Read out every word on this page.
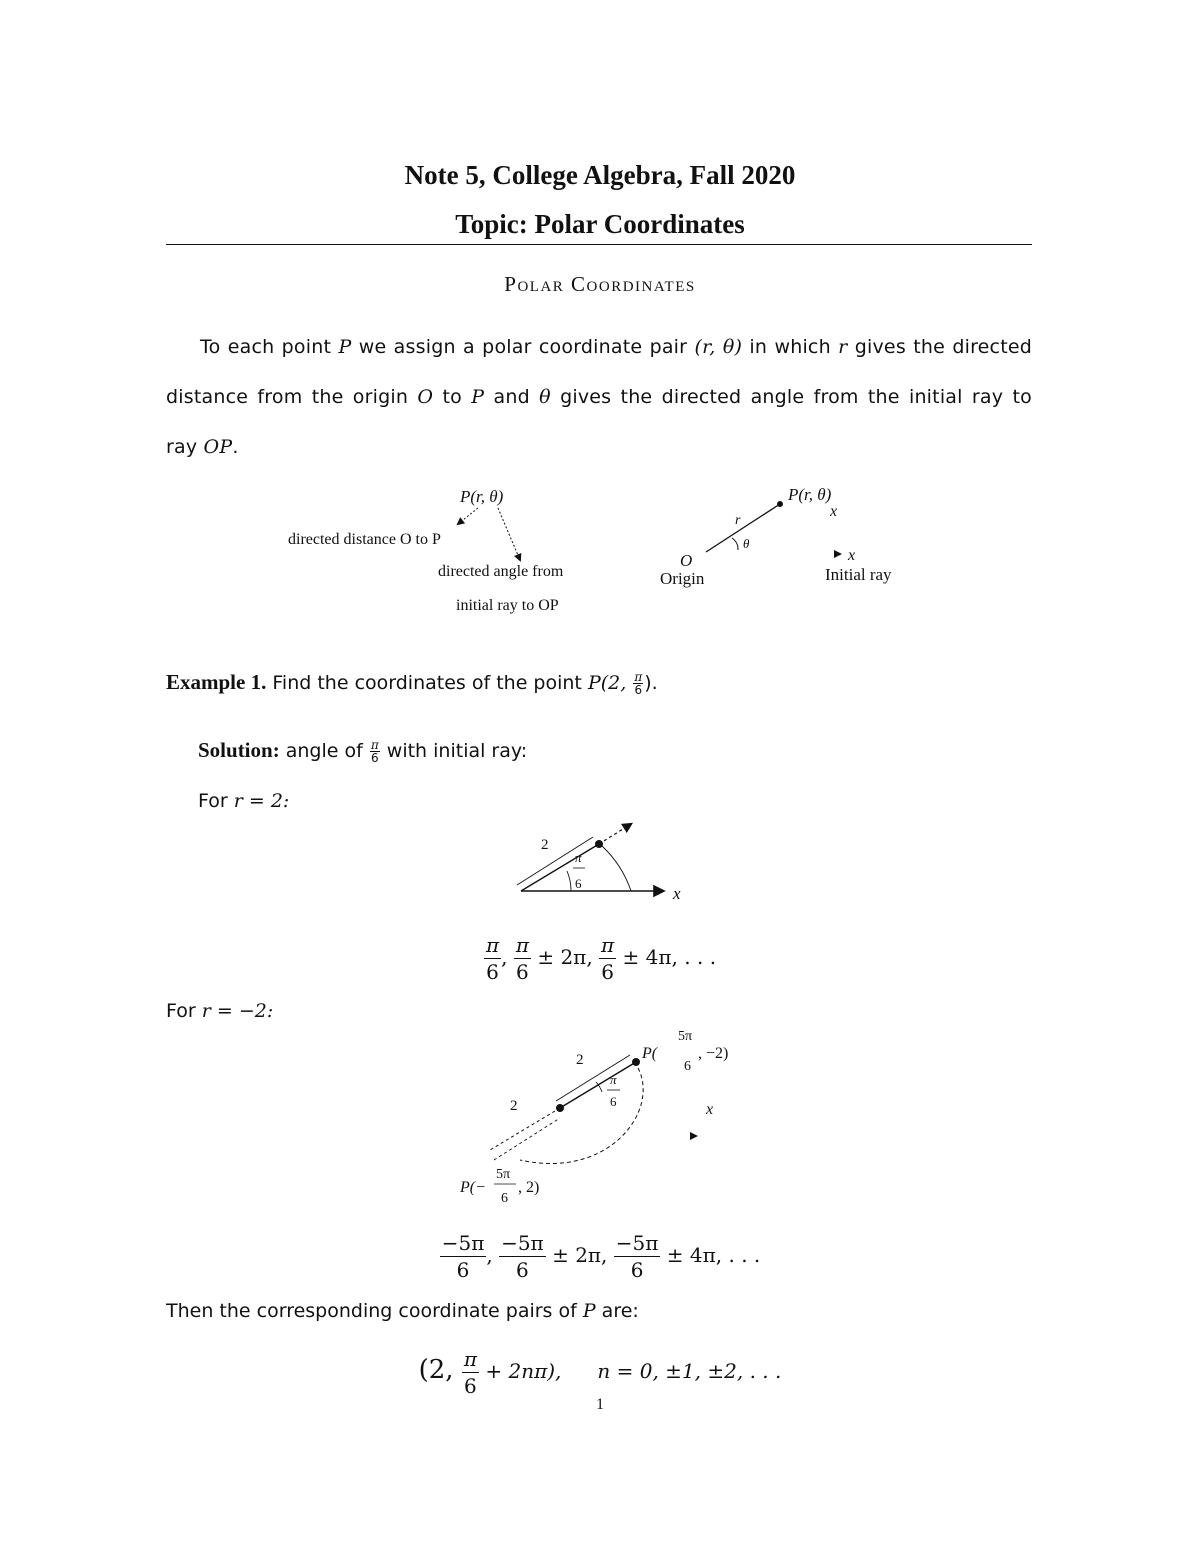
Note 5, College Algebra, Fall 2020
Topic: Polar Coordinates
Polar Coordinates
To each point P we assign a polar coordinate pair (r, θ) in which r gives the directed
distance from the origin O to P and θ gives the directed angle from the initial ray to
ray OP.
P(r, θ)
directed distance O to P
directed angle from
initial ray to OP
P(r, θ)
x
r
θ
O
Origin
x
Initial ray
Example 1. Find the coordinates of the point P(2, $\frac{\pi}{6}$ ).
Solution: angle of $\frac{\pi}{6}$ with initial ray:
For r = 2:
2
π
6
x
$\frac{\pi}{6}$ , $\frac{\pi}{6} \pm 2\pi$, $\frac{\pi}{6} \pm 4\pi$, . . .
For r = −2:
x
2
2
π
6
P(
5π
6
, −2)
P(−
5π
6
, 2)
$\frac{-5\pi}{6}$ , $\frac{-5\pi}{6} \pm 2\pi$, $\frac{-5\pi}{6} \pm 4\pi$, . . .
Then the corresponding coordinate pairs of P are:
(2, $\frac{\pi}{6} + 2n\pi$), n = 0, ±1, ±2, . . .
1
